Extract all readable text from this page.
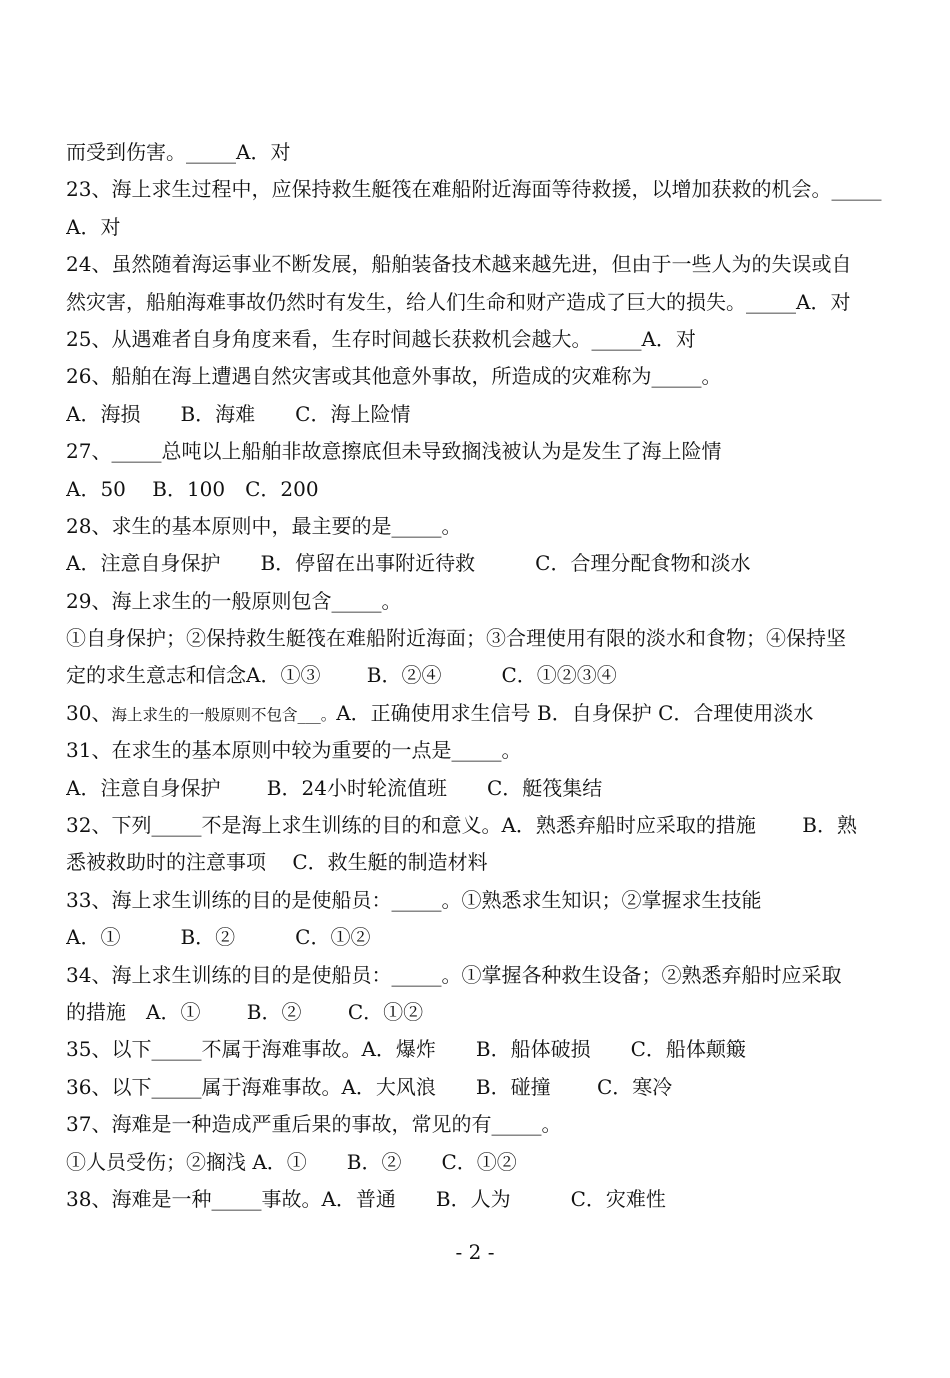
而受到伤害。_____A．对
23、海上求生过程中，应保持救生艇筏在难船附近海面等待救援，以增加获救的机会。_____
A．对
24、虽然随着海运事业不断发展，船舶装备技术越来越先进，但由于一些人为的失误或自
然灾害，船舶海难事故仍然时有发生，给人们生命和财产造成了巨大的损失。_____A．对
25、从遇难者自身角度来看，生存时间越长获救机会越大。_____A．对
26、船舶在海上遭遇自然灾害或其他意外事故，所造成的灾难称为_____。
A．海损　　B．海难　　C．海上险情
27、_____总吨以上船舶非故意擦底但未导致搁浅被认为是发生了海上险情
A．50　 B．100　C．200
28、求生的基本原则中，最主要的是_____。
A．注意自身保护　　B．停留在出事附近待救　　　C．合理分配食物和淡水
29、海上求生的一般原则包含_____。
①自身保护；②保持救生艇筏在难船附近海面；③合理使用有限的淡水和食物；④保持坚
定的求生意志和信念A．①③　　 B．②④　　　C．①②③④
30、海上求生的一般原则不包含___。A．正确使用求生信号 B．自身保护 C．合理使用淡水
31、在求生的基本原则中较为重要的一点是_____。
A．注意自身保护　　 B．24小时轮流值班　　C．艇筏集结
32、下列_____不是海上求生训练的目的和意义。A．熟悉弃船时应采取的措施　　 B．熟
悉被救助时的注意事项　 C．救生艇的制造材料
33、海上求生训练的目的是使船员：_____。①熟悉求生知识；②掌握求生技能
A．①　　　B．②　　　C．①②
34、海上求生训练的目的是使船员：_____。①掌握各种救生设备；②熟悉弃船时应采取
的措施　A．①　　 B．②　　 C．①②
35、以下_____不属于海难事故。A．爆炸　　B．船体破损　　C．船体颠簸
36、以下_____属于海难事故。A．大风浪　　B．碰撞　　 C．寒冷
37、海难是一种造成严重后果的事故，常见的有_____。
①人员受伤；②搁浅 A．①　　B．②　　C．①②
38、海难是一种_____事故。A．普通　　B．人为　　　C．灾难性
- 2 -
